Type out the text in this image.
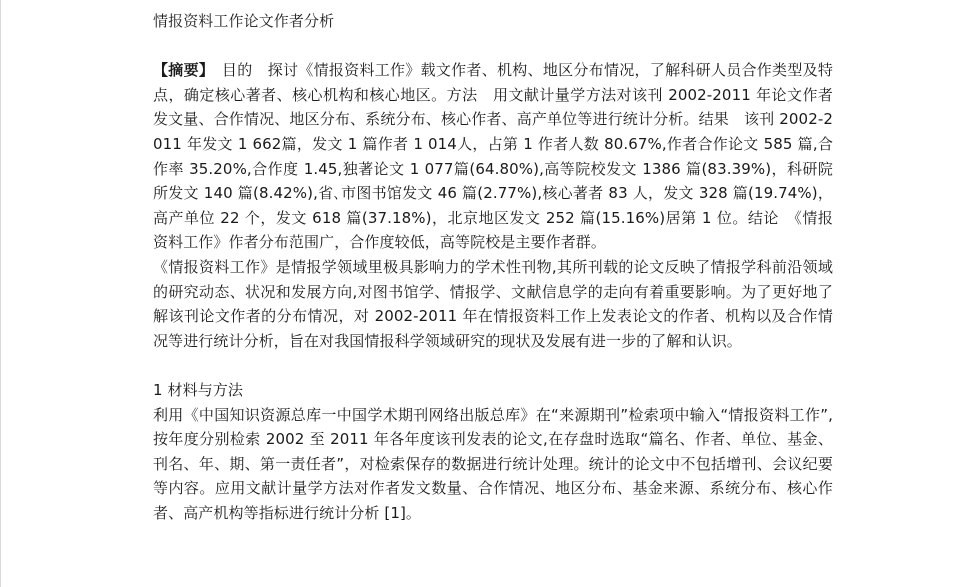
情报资料工作论文作者分析

【摘要】　目的　探讨《情报资料工作》载文作者、机构、地区分布情况，了解科研人员合作类型及特点，确定核心著者、核心机构和核心地区。方法　用文献计量学方法对该刊 2002-2011 年论文作者发文量、合作情况、地区分布、系统分布、核心作者、高产单位等进行统计分析。结果　该刊 2002-2011 年发文 1 662篇，发文 1 篇作者 1 014人，占第 1 作者人数 80.67%,作者合作论文 585 篇,合作率 35.20%,合作度 1.45,独著论文 1 077篇(64.80%),高等院校发文 1386 篇(83.39%)，科研院所发文 140 篇(8.42%),省､市图书馆发文 46 篇(2.77%),核心著者 83 人，发文 328 篇(19.74%)，高产单位 22 个，发文 618 篇(37.18%)，北京地区发文 252 篇(15.16%)居第 1 位。结论　《情报资料工作》作者分布范围广，合作度较低，高等院校是主要作者群。

《情报资料工作》是情报学领域里极具影响力的学术性刊物,其所刊载的论文反映了情报学科前沿领域的研究动态、状况和发展方向,对图书馆学、情报学、文献信息学的走向有着重要影响。为了更好地了解该刊论文作者的分布情况，对 2002-2011 年在情报资料工作上发表论文的作者、机构以及合作情况等进行统计分析，旨在对我国情报科学领域研究的现状及发展有进一步的了解和认识。

1 材料与方法

利用《中国知识资源总库一中国学术期刊网络出版总库》在“来源期刊”检索项中输入“情报资料工作”,按年度分别检索 2002 至 2011 年各年度该刊发表的论文,在存盘时选取“篇名、作者、单位、基金、刊名、年、期、第一责任者”，对检索保存的数据进行统计处理。统计的论文中不包括增刊、会议纪要等内容。应用文献计量学方法对作者发文数量、合作情况、地区分布、基金来源、系统分布、核心作者、高产机构等指标进行统计分析 [1]。
